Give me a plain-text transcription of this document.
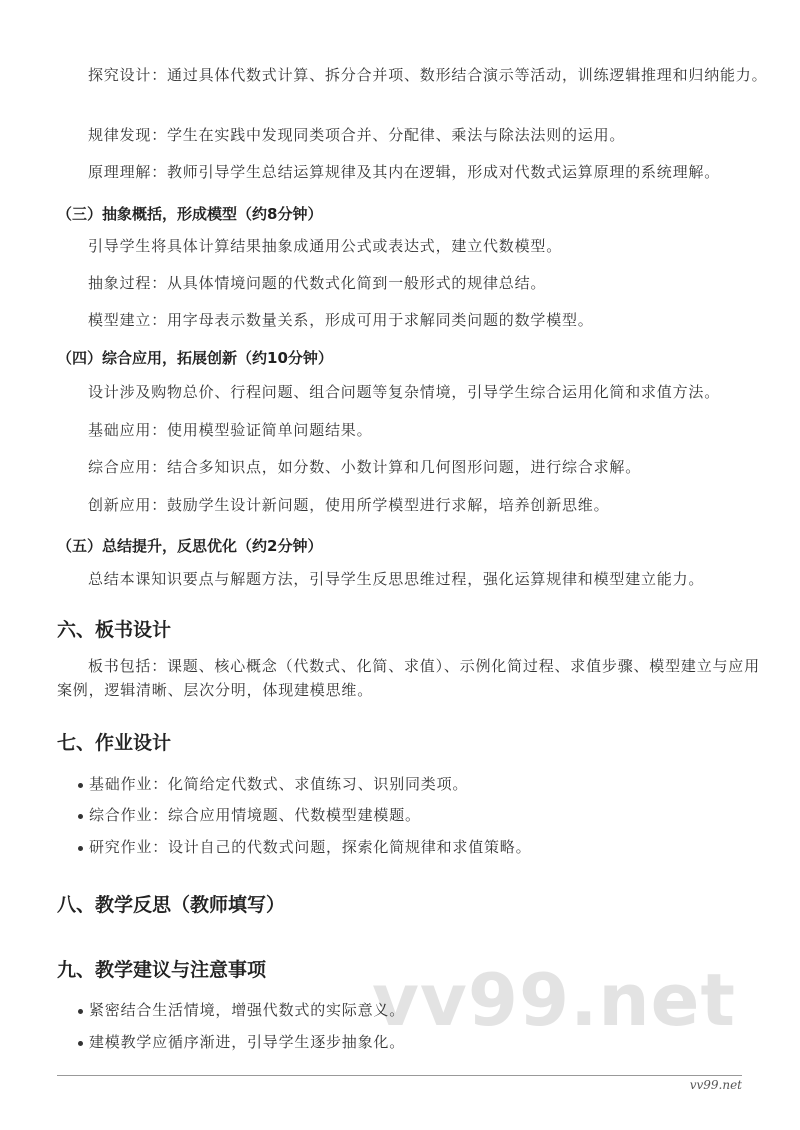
探究设计：通过具体代数式计算、拆分合并项、数形结合演示等活动，训练逻辑推理和归纳能力。

规律发现：学生在实践中发现同类项合并、分配律、乘法与除法法则的运用。

原理理解：教师引导学生总结运算规律及其内在逻辑，形成对代数式运算原理的系统理解。

（三）抽象概括，形成模型（约8分钟）

引导学生将具体计算结果抽象成通用公式或表达式，建立代数模型。

抽象过程：从具体情境问题的代数式化简到一般形式的规律总结。

模型建立：用字母表示数量关系，形成可用于求解同类问题的数学模型。

（四）综合应用，拓展创新（约10分钟）

设计涉及购物总价、行程问题、组合问题等复杂情境，引导学生综合运用化简和求值方法。

基础应用：使用模型验证简单问题结果。

综合应用：结合多知识点，如分数、小数计算和几何图形问题，进行综合求解。

创新应用：鼓励学生设计新问题，使用所学模型进行求解，培养创新思维。

（五）总结提升，反思优化（约2分钟）

总结本课知识要点与解题方法，引导学生反思思维过程，强化运算规律和模型建立能力。

六、板书设计

板书包括：课题、核心概念（代数式、化简、求值）、示例化简过程、求值步骤、模型建立与应用案例，逻辑清晰、层次分明，体现建模思维。

七、作业设计

基础作业：化简给定代数式、求值练习、识别同类项。

综合作业：综合应用情境题、代数模型建模题。

研究作业：设计自己的代数式问题，探索化简规律和求值策略。

八、教学反思（教师填写）
九、教学建议与注意事项 vv99.net

紧密结合生活情境，增强代数式的实际意义。

建模教学应循序渐进，引导学生逐步抽象化。

vv99.net
